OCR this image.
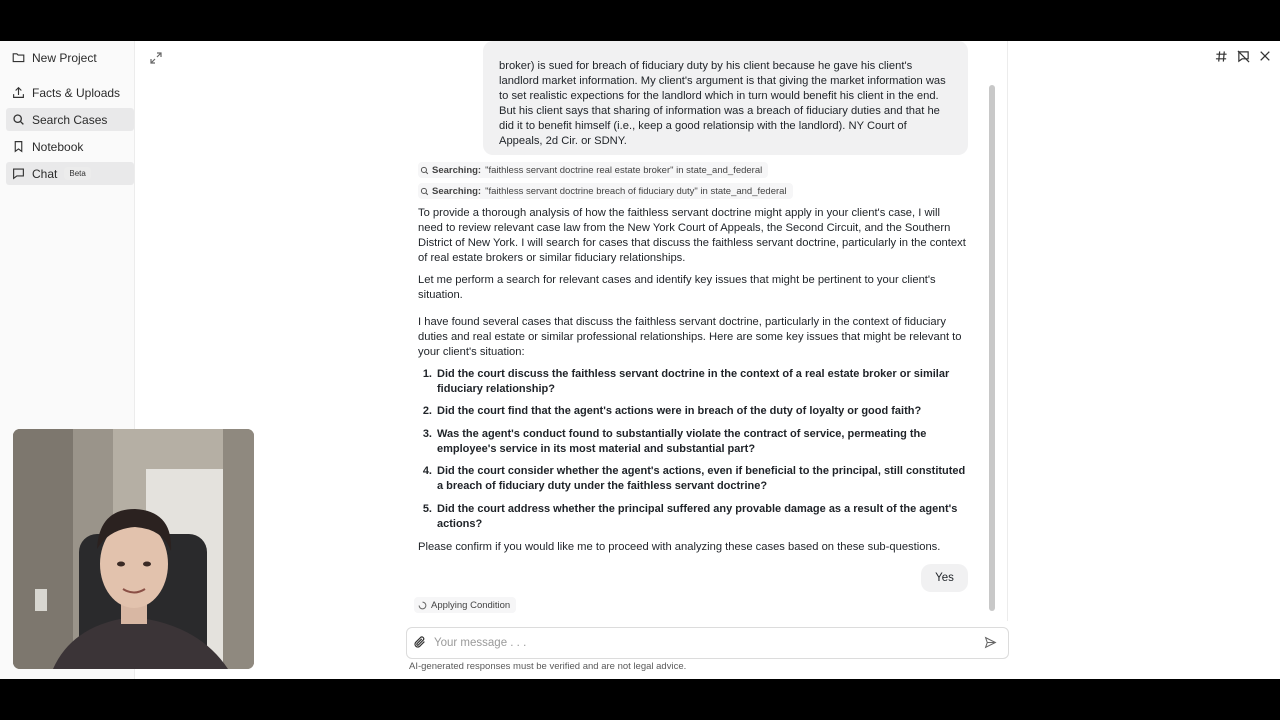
New Project
Facts & Uploads
Search Cases
Notebook
Chat	Beta
broker) is sued for breach of fiduciary duty by his client because he gave his client's landlord market information. My client's argument is that giving the market information was to set realistic expections for the landlord which in turn would benefit his client in the end. But his client says that sharing of information was a breach of fiduciary duties and that he did it to benefit himself (i.e., keep a good relationsip with the landlord). NY Court of Appeals, 2d Cir. or SDNY.
Searching: "faithless servant doctrine real estate broker"
in state_and_federal
Searching: "faithless servant doctrine breach of fiduciary duty"
in state_and_federal
To provide a thorough analysis of how the faithless servant doctrine might apply in your client's case, I will need to review relevant case law from the New York Court of Appeals, the Second Circuit, and the Southern District of New York. I will search for cases that discuss the faithless servant doctrine, particularly in the context of real estate brokers or similar fiduciary relationships.
Let me perform a search for relevant cases and identify key issues that might be pertinent to your client's situation.
I have found several cases that discuss the faithless servant doctrine, particularly in the context of fiduciary duties and real estate or similar professional relationships. Here are some key issues that might be relevant to your client's situation:
1. Did the court discuss the faithless servant doctrine in the context of a real estate broker or similar fiduciary relationship?
2. Did the court find that the agent's actions were in breach of the duty of loyalty or good faith?
3. Was the agent's conduct found to substantially violate the contract of service, permeating the employee's service in its most material and substantial part?
4. Did the court consider whether the agent's actions, even if beneficial to the principal, still constituted a breach of fiduciary duty under the faithless servant doctrine?
5. Did the court address whether the principal suffered any provable damage as a result of the agent's actions?
Please confirm if you would like me to proceed with analyzing these cases based on these sub-questions.
Yes
Applying Condition
Your message . . .
AI-generated responses must be verified and are not legal advice.
